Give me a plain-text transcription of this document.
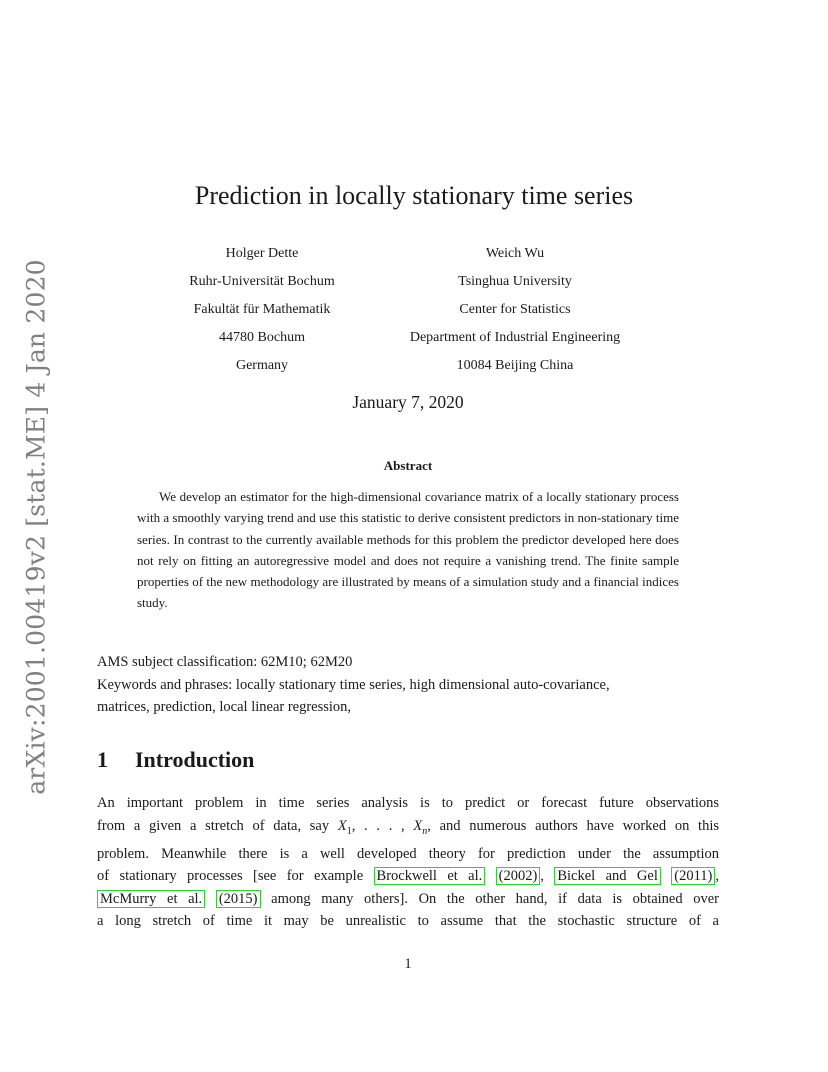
arXiv:2001.00419v2 [stat.ME] 4 Jan 2020
Prediction in locally stationary time series
Holger Dette
Ruhr-Universität Bochum
Fakultät für Mathematik
44780 Bochum
Germany
Weich Wu
Tsinghua University
Center for Statistics
Department of Industrial Engineering
10084 Beijing China
January 7, 2020
Abstract
We develop an estimator for the high-dimensional covariance matrix of a locally stationary process with a smoothly varying trend and use this statistic to derive consistent predictors in non-stationary time series. In contrast to the currently available methods for this problem the predictor developed here does not rely on fitting an autoregressive model and does not require a vanishing trend. The finite sample properties of the new methodology are illustrated by means of a simulation study and a financial indices study.
AMS subject classification: 62M10; 62M20
Keywords and phrases: locally stationary time series, high dimensional auto-covariance,
matrices, prediction, local linear regression,
1 Introduction
An important problem in time series analysis is to predict or forecast future observations
from a given a stretch of data, say $X_1$, . . . , $X_n$, and numerous authors have worked on this
problem. Meanwhile there is a well developed theory for prediction under the assumption
of stationary processes [see for example Brockwell et al. (2002) , Bickel and Gel (2011) ,
McMurry et al. (2015) among many others]. On the other hand, if data is obtained over
a long stretch of time it may be unrealistic to assume that the stochastic structure of a
1
